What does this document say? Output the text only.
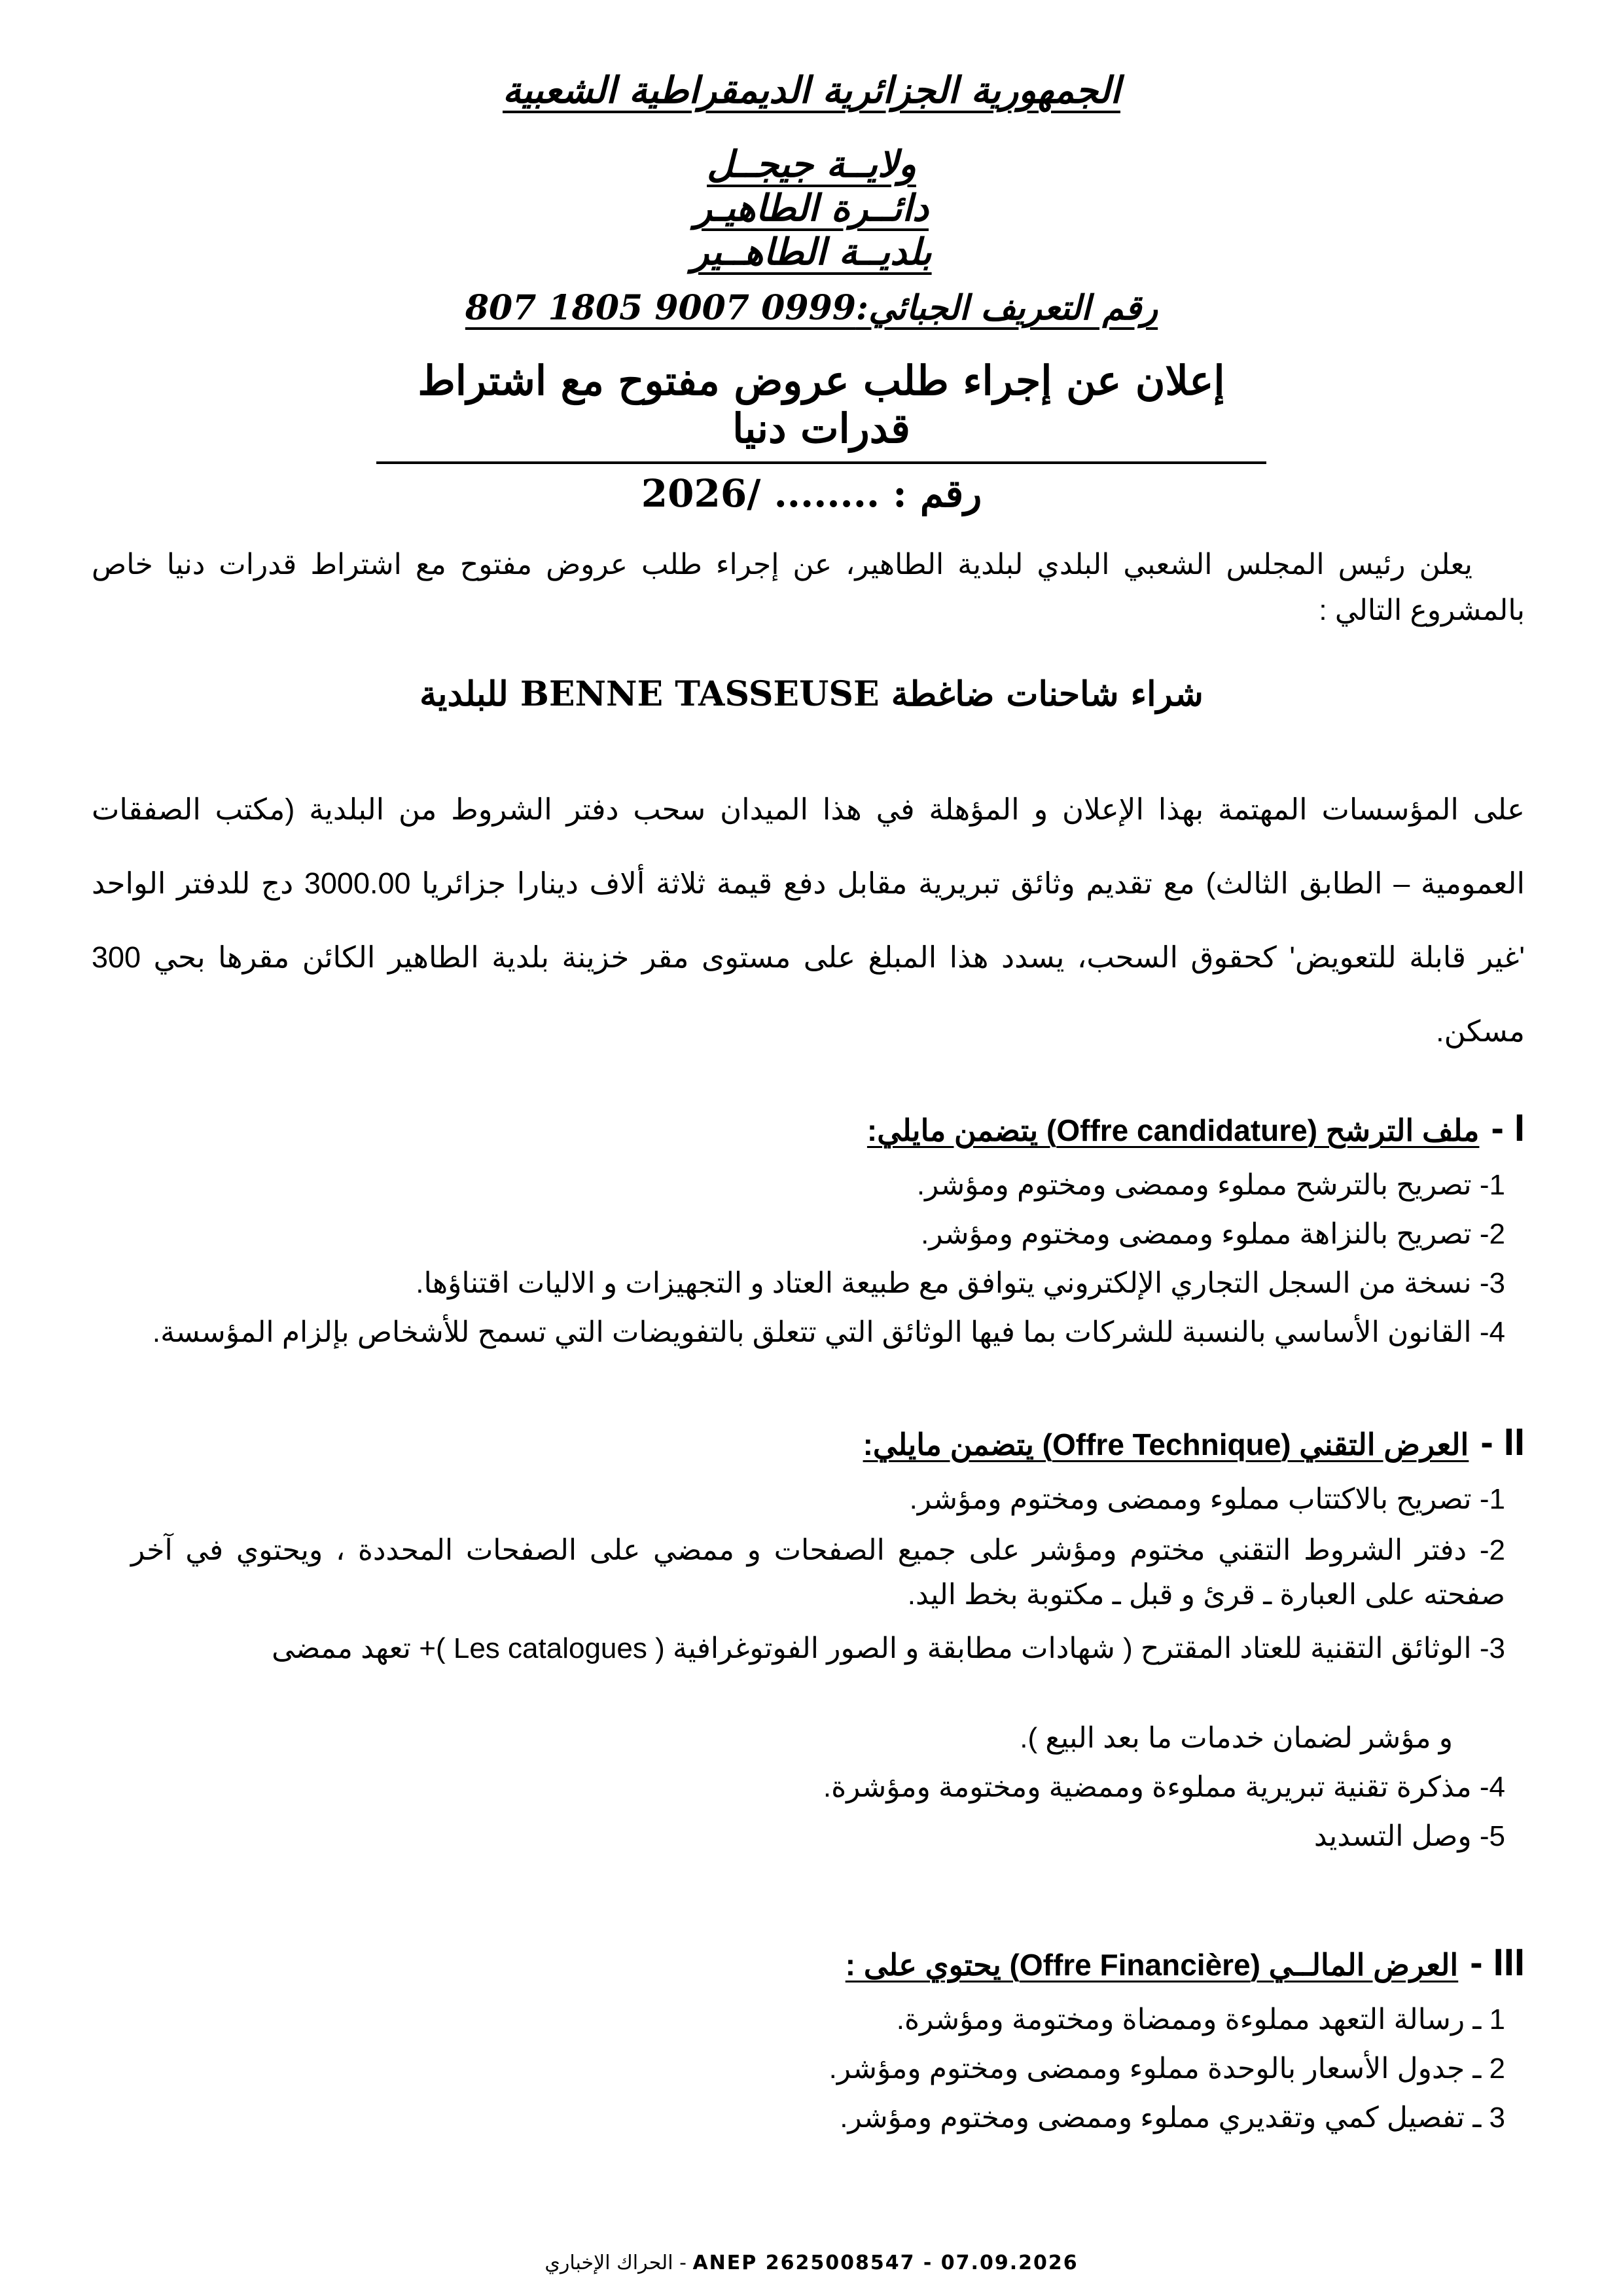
الجمهورية الجزائرية الديمقراطية الشعبية
ولايــة جيجــل
دائــرة الطاهيـر
بلديــة الطاهــير
رقم التعريف الجبائي:807 1805 9007 0999
إعلان عن إجراء طلب عروض مفتوح مع اشتراط قدرات دنيا
رقم : ........ /2026
يعلن رئيس المجلس الشعبي البلدي لبلدية الطاهير، عن إجراء طلب عروض مفتوح مع اشتراط قدرات دنيا خاص بالمشروع التالي :
شراء شاحنات ضاغطة BENNE TASSEUSE للبلدية
على المؤسسات المهتمة بهذا الإعلان و المؤهلة في هذا الميدان سحب دفتر الشروط من البلدية (مكتب الصفقات العمومية – الطابق الثالث) مع تقديم وثائق تبريرية مقابل دفع قيمة ثلاثة ألاف دينارا جزائريا 3000.00 دج للدفتر الواحد 'غير قابلة للتعويض' كحقوق السحب، يسدد هذا المبلغ على مستوى مقر خزينة بلدية الطاهير الكائن مقرها بحي 300 مسكن.
I -ملف الترشح (Offre candidature) يتضمن مايلي:
1- تصريح بالترشح مملوء وممضى ومختوم ومؤشر.
2- تصريح بالنزاهة مملوء وممضى ومختوم ومؤشر.
3- نسخة من السجل التجاري الإلكتروني يتوافق مع طبيعة العتاد و التجهيزات و الاليات اقتناؤها.
4- القانون الأساسي بالنسبة للشركات بما فيها الوثائق التي تتعلق بالتفويضات التي تسمح للأشخاص بإلزام المؤسسة.
II -العرض التقني (Offre Technique) يتضمن مايلي:
1- تصريح بالاكتتاب مملوء وممضى ومختوم ومؤشر.
2- دفتر الشروط التقني مختوم ومؤشر على جميع الصفحات و ممضي على الصفحات المحددة ، ويحتوي في آخر صفحته على العبارة ـ قرئ و قبل ـ مكتوبة بخط اليد.
3- الوثائق التقنية للعتاد المقترح ( شهادات مطابقة و الصور الفوتوغرافية ( Les catalogues )+ تعهد ممضى
و مؤشر لضمان خدمات ما بعد البيع ).
4- مذكرة تقنية تبريرية مملوءة وممضية ومختومة ومؤشرة.
5- وصل التسديد
III -العرض المالــي (Offre Financière) يحتوي على :
1 ـ رسالة التعهد مملوءة وممضاة ومختومة ومؤشرة.
2 ـ جدول الأسعار بالوحدة مملوء وممضى ومختوم ومؤشر.
3 ـ تفصيل كمي وتقديري مملوء وممضى ومختوم ومؤشر.
الحراك الإخباري - ANEP 2625008547 - 07.09.2026
